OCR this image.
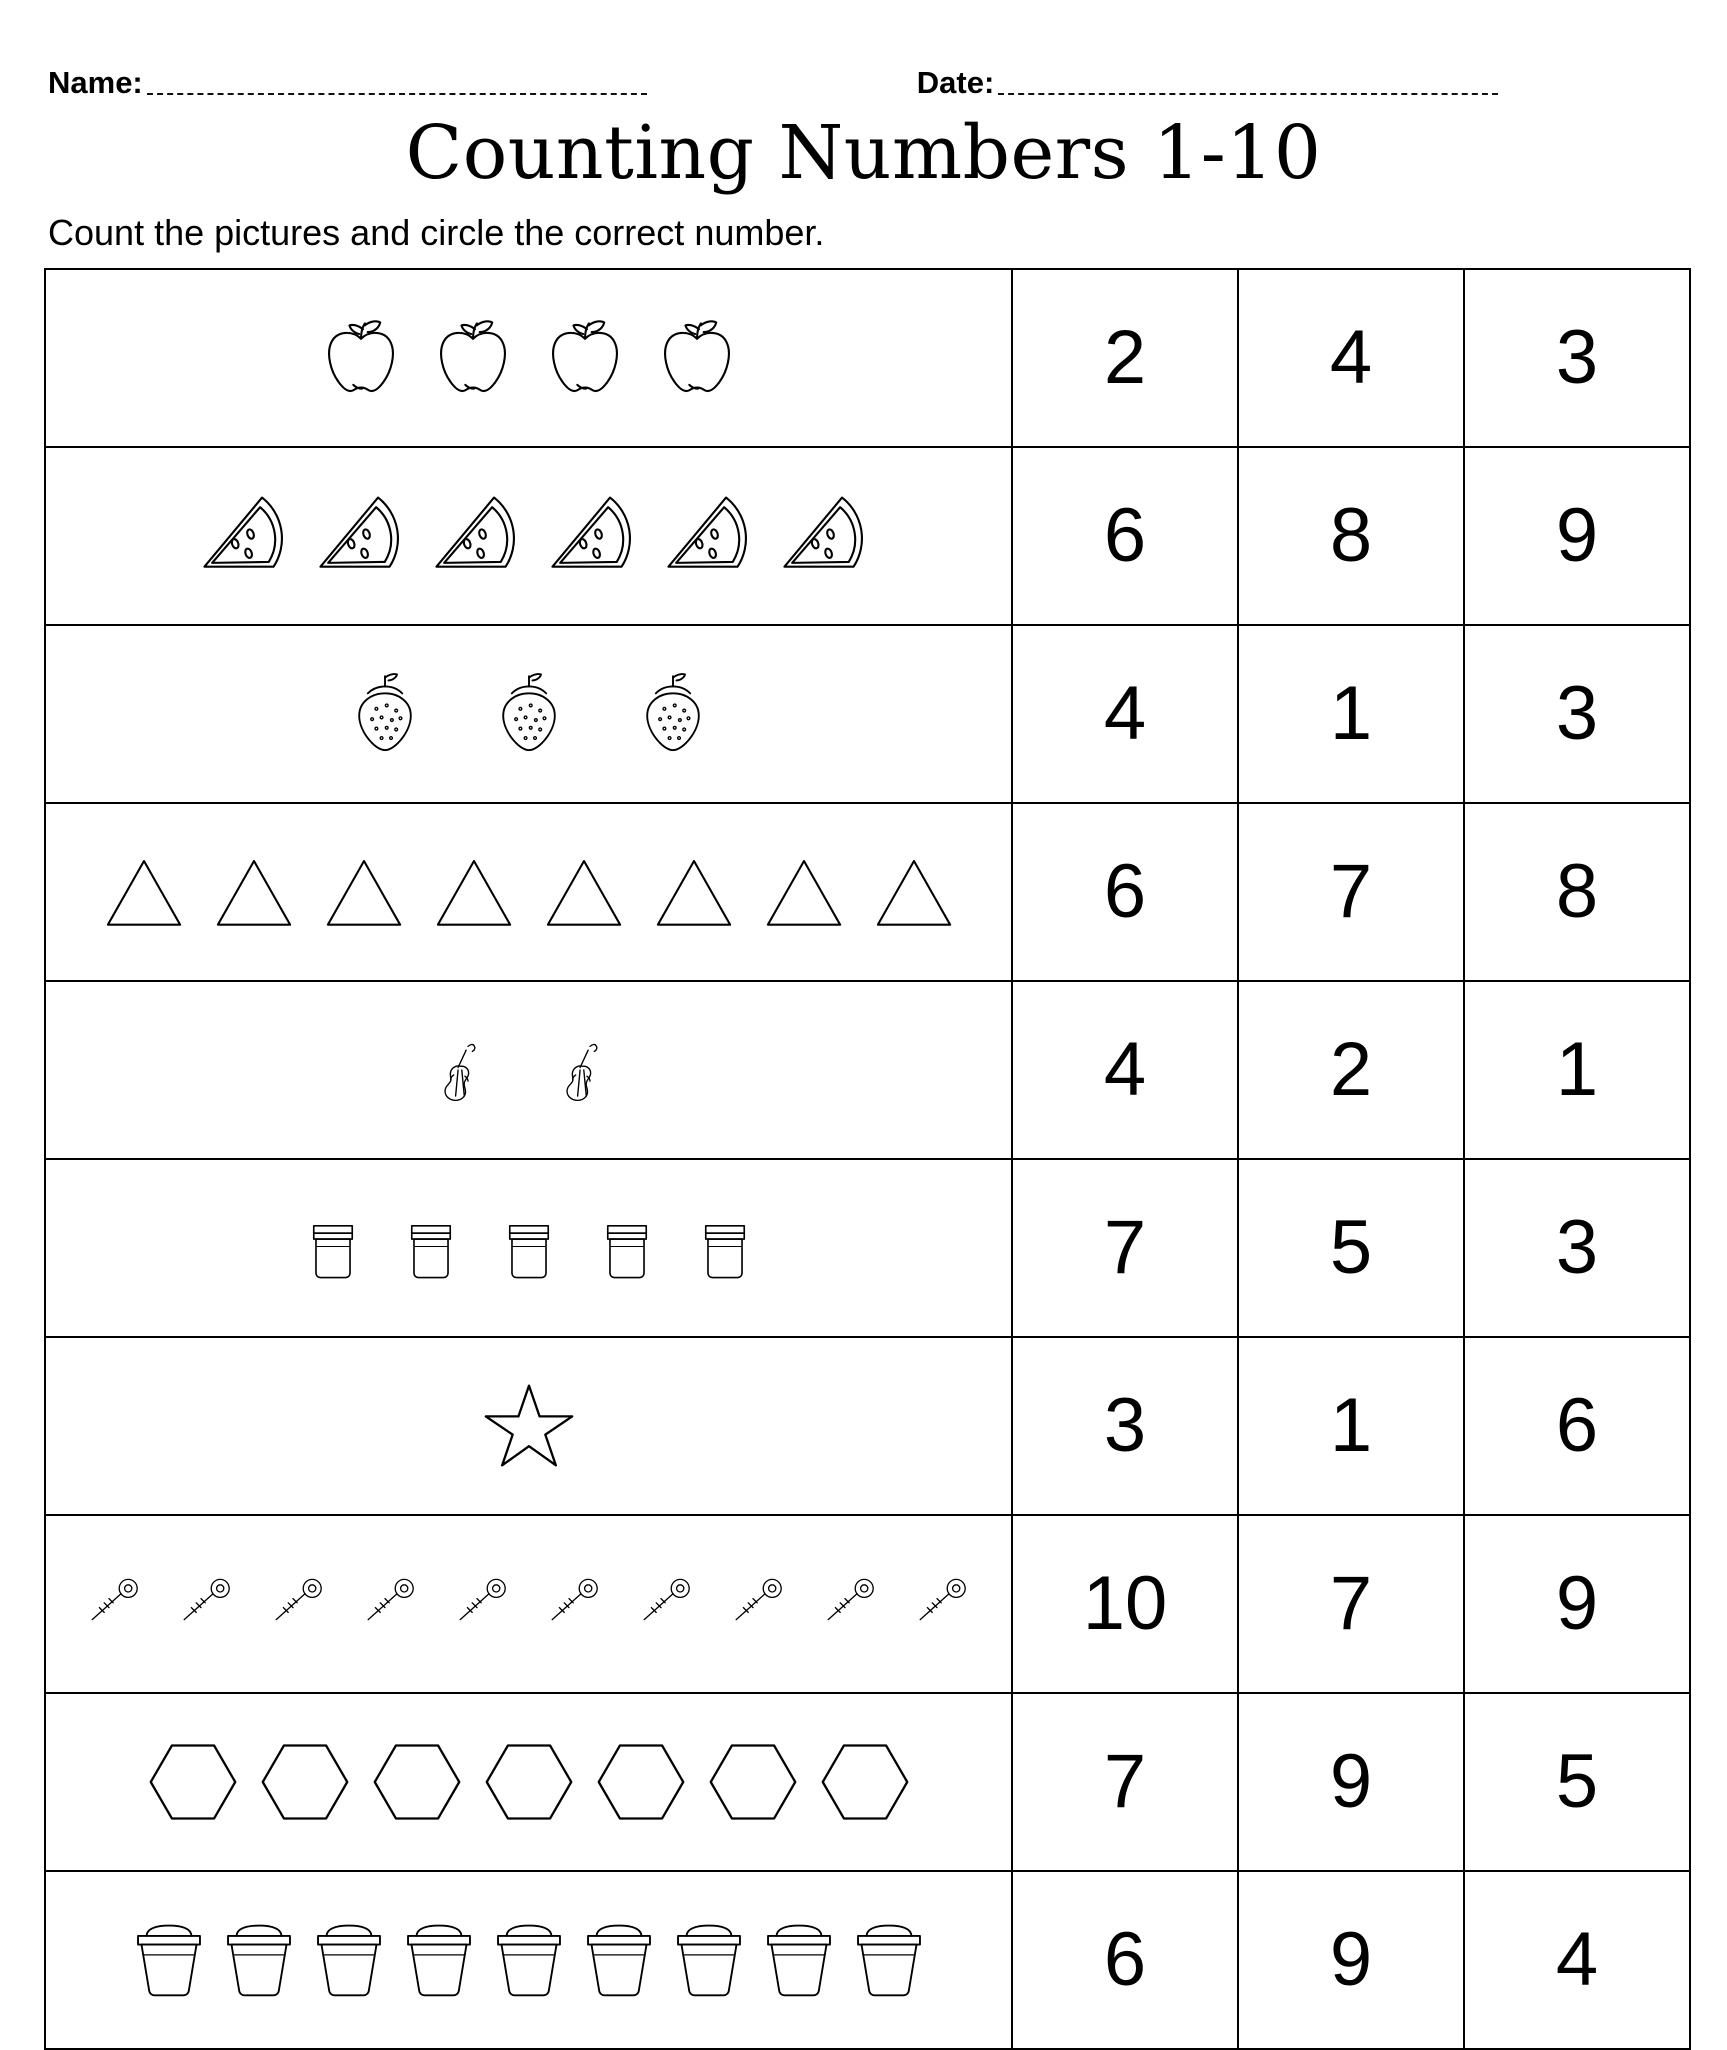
Name:	Date:
Counting Numbers 1-10

Count the pictures and circle the correct number.

	2	4	3

	6	8	9

	4	1	3

	6	7	8

	4	2	1

	7	5	3

	3	1	6

	10	7	9

	7	9	5

	6	9	4
